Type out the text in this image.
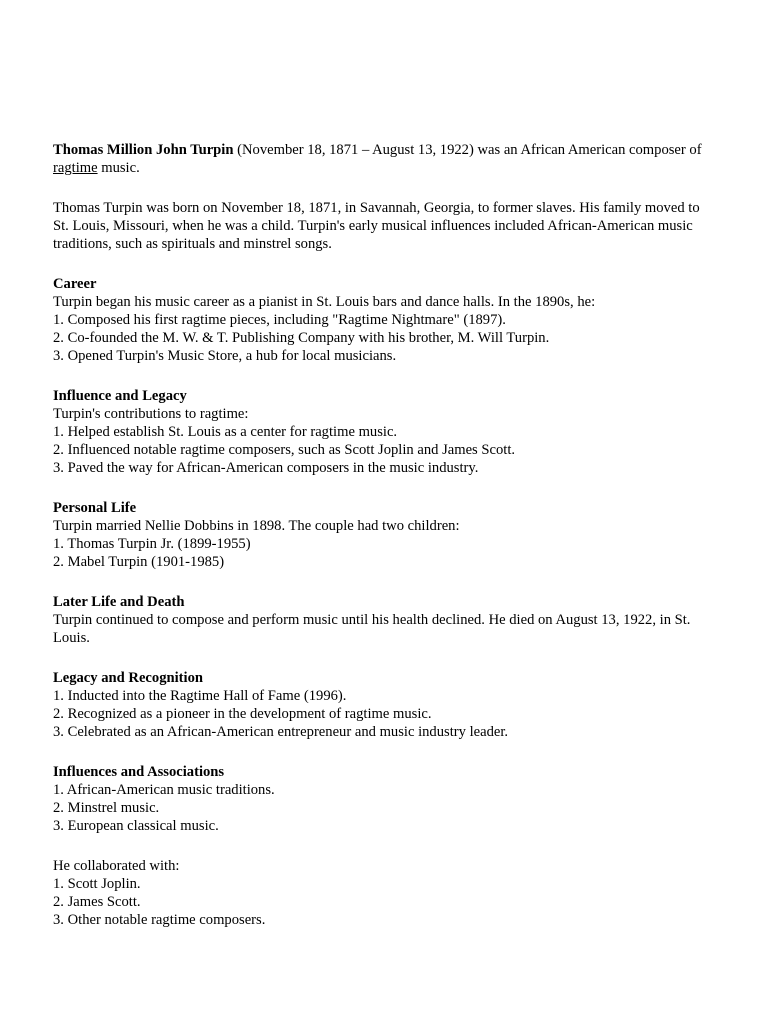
Thomas Million John Turpin (November 18, 1871 – August 13, 1922) was an African American composer of ragtime music.

Thomas Turpin was born on November 18, 1871, in Savannah, Georgia, to former slaves. His family moved to St. Louis, Missouri, when he was a child. Turpin's early musical influences included African-American music traditions, such as spirituals and minstrel songs.

Career

Turpin began his music career as a pianist in St. Louis bars and dance halls. In the 1890s, he:

1. Composed his first ragtime pieces, including "Ragtime Nightmare" (1897).

2. Co-founded the M. W. & T. Publishing Company with his brother, M. Will Turpin.

3. Opened Turpin's Music Store, a hub for local musicians.

Influence and Legacy

Turpin's contributions to ragtime:

1. Helped establish St. Louis as a center for ragtime music.

2. Influenced notable ragtime composers, such as Scott Joplin and James Scott.

3. Paved the way for African-American composers in the music industry.

Personal Life

Turpin married Nellie Dobbins in 1898. The couple had two children:

1. Thomas Turpin Jr. (1899-1955)

2. Mabel Turpin (1901-1985)

Later Life and Death

Turpin continued to compose and perform music until his health declined. He died on August 13, 1922, in St. Louis.

Legacy and Recognition

1. Inducted into the Ragtime Hall of Fame (1996).

2. Recognized as a pioneer in the development of ragtime music.

3. Celebrated as an African-American entrepreneur and music industry leader.

Influences and Associations

1. African-American music traditions.

2. Minstrel music.

3. European classical music.

He collaborated with:

1. Scott Joplin.

2. James Scott.

3. Other notable ragtime composers.
